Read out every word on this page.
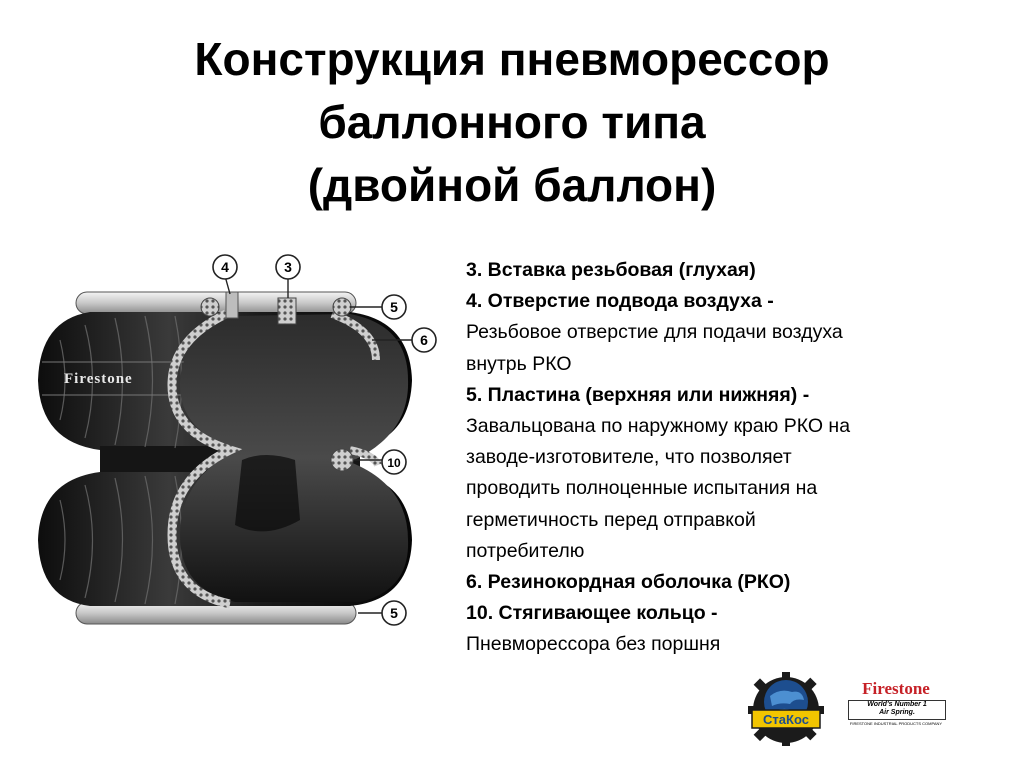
Конструкция пневморессор
баллонного типа
(двойной баллон)
Firestone
4	3
5
6
10
5
3. Вставка резьбовая (глухая)
4. Отверстие подвода воздуха -
Резьбовое отверстие для подачи воздуха
внутрь РКО
5. Пластина (верхняя или нижняя) -
Завальцована по наружному краю РКО на
заводе-изготовителе, что позволяет
проводить полноценные испытания на
герметичность перед отправкой
потребителю
6. Резинокордная оболочка (РКО)
10. Стягивающее кольцо -
Пневморессора без поршня
СтаКос
Firestone
World's Number 1
Air Spring.
FIRESTONE INDUSTRIAL PRODUCTS COMPANY
